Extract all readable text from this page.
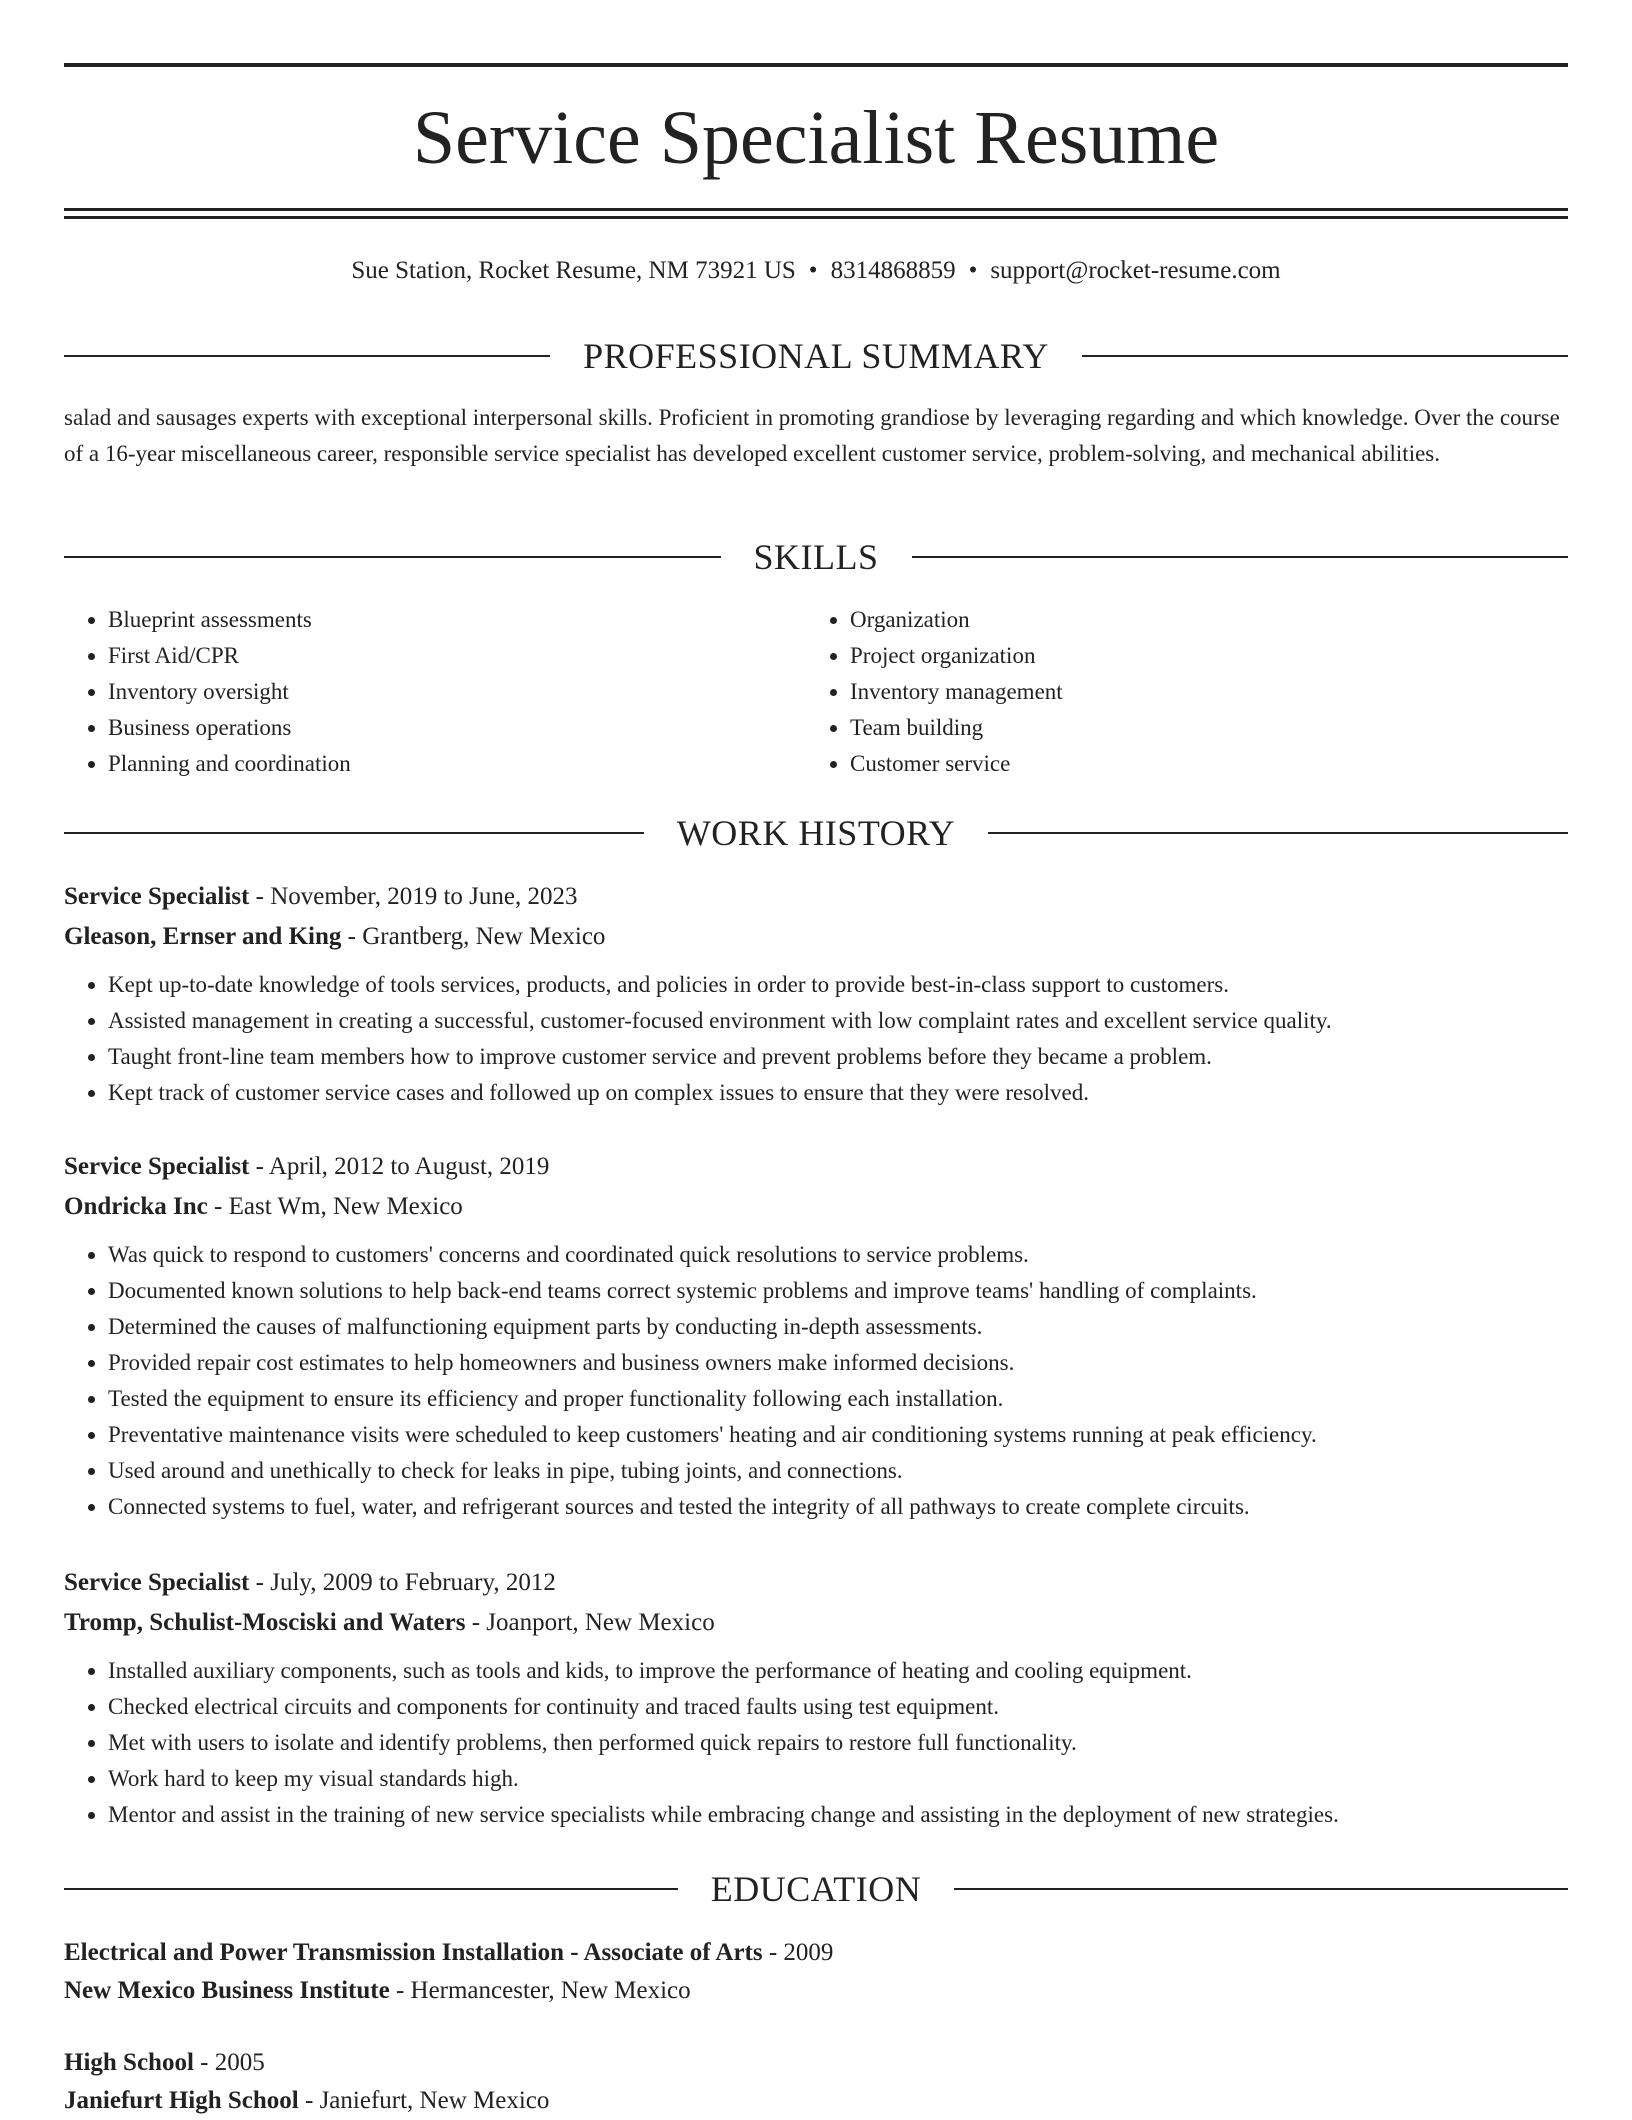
Service Specialist Resume
Sue Station, Rocket Resume, NM 73921 US • 8314868859 • support@rocket-resume.com
PROFESSIONAL SUMMARY

salad and sausages experts with exceptional interpersonal skills. Proficient in promoting grandiose by leveraging regarding and which knowledge. Over the course of a 16-year miscellaneous career, responsible service specialist has developed excellent customer service, problem-solving, and mechanical abilities.

SKILLS
• Blueprint assessments
• First Aid/CPR
• Inventory oversight
• Business operations
• Planning and coordination
• Organization
• Project organization
• Inventory management
• Team building
• Customer service
WORK HISTORY
Service Specialist - November, 2019 to June, 2023
Gleason, Ernser and King - Grantberg, New Mexico
• Kept up-to-date knowledge of tools services, products, and policies in order to provide best-in-class support to customers.
• Assisted management in creating a successful, customer-focused environment with low complaint rates and excellent service quality.
• Taught front-line team members how to improve customer service and prevent problems before they became a problem.
• Kept track of customer service cases and followed up on complex issues to ensure that they were resolved.
Service Specialist - April, 2012 to August, 2019
Ondricka Inc - East Wm, New Mexico
• Was quick to respond to customers' concerns and coordinated quick resolutions to service problems.
• Documented known solutions to help back-end teams correct systemic problems and improve teams' handling of complaints.
• Determined the causes of malfunctioning equipment parts by conducting in-depth assessments.
• Provided repair cost estimates to help homeowners and business owners make informed decisions.
• Tested the equipment to ensure its efficiency and proper functionality following each installation.
• Preventative maintenance visits were scheduled to keep customers' heating and air conditioning systems running at peak efficiency.
• Used around and unethically to check for leaks in pipe, tubing joints, and connections.
• Connected systems to fuel, water, and refrigerant sources and tested the integrity of all pathways to create complete circuits.
Service Specialist - July, 2009 to February, 2012
Tromp, Schulist-Mosciski and Waters - Joanport, New Mexico
• Installed auxiliary components, such as tools and kids, to improve the performance of heating and cooling equipment.
• Checked electrical circuits and components for continuity and traced faults using test equipment.
• Met with users to isolate and identify problems, then performed quick repairs to restore full functionality.
• Work hard to keep my visual standards high.
• Mentor and assist in the training of new service specialists while embracing change and assisting in the deployment of new strategies.
EDUCATION
Electrical and Power Transmission Installation - Associate of Arts - 2009
New Mexico Business Institute - Hermancester, New Mexico
High School - 2005
Janiefurt High School - Janiefurt, New Mexico
